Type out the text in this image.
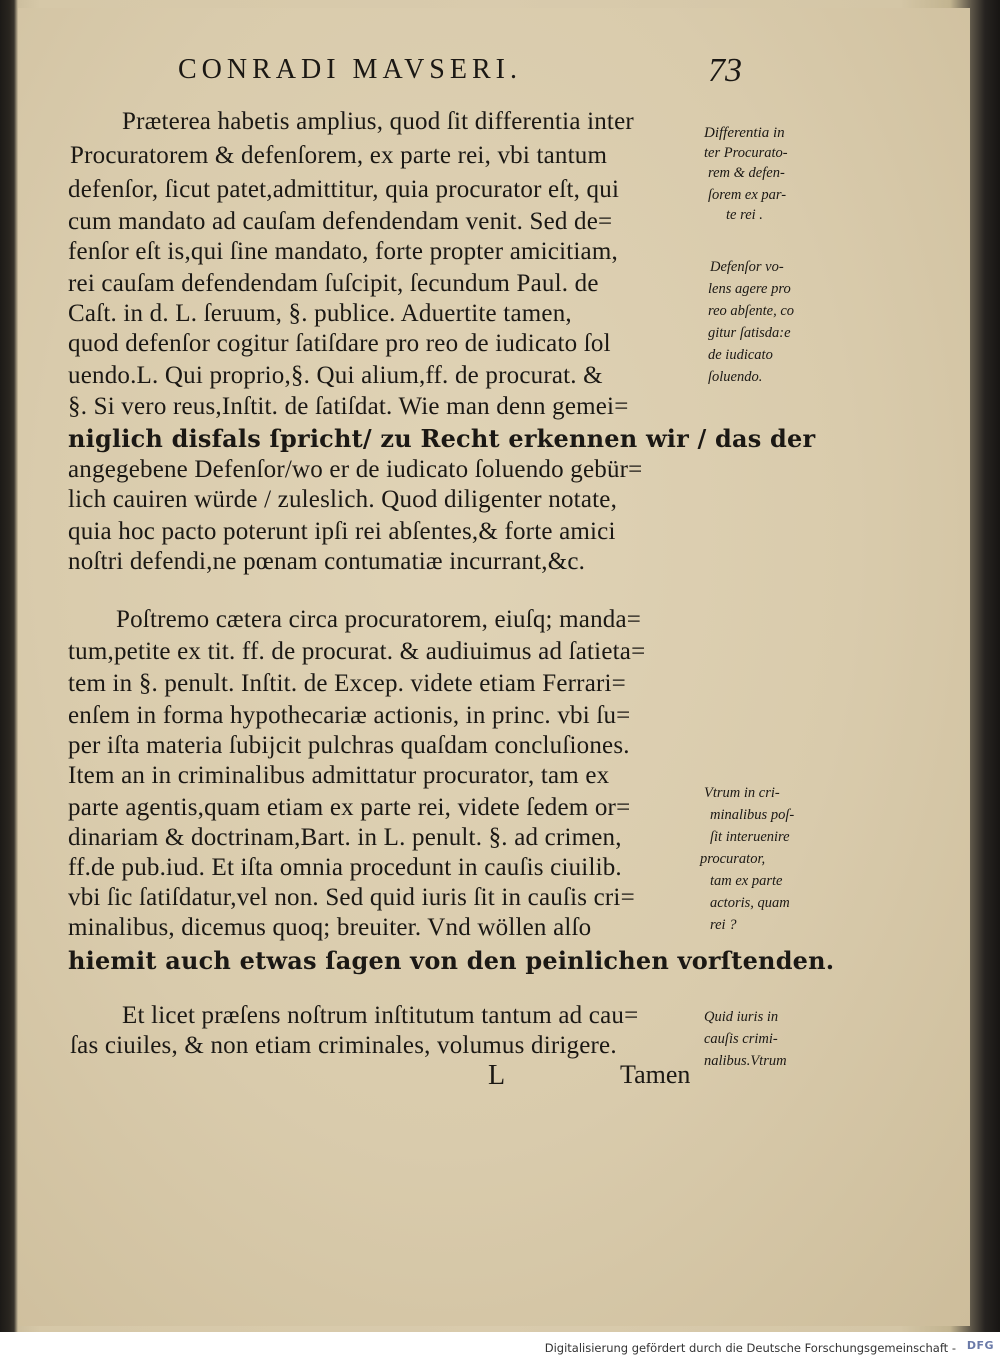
CONRADI MAVSERI.	73
Præterea habetis amplius, quod ſit differentia inter
Procuratorem & defenſorem, ex parte rei, vbi tantum
defenſor, ſicut patet,admittitur, quia procurator eſt, qui
cum mandato ad cauſam defendendam venit. Sed de=
fenſor eſt is,qui ſine mandato, forte propter amicitiam,
rei cauſam defendendam ſuſcipit, ſecundum Paul. de
Caſt. in d. L. ſeruum, §. publice. Aduertite tamen,
quod defenſor cogitur ſatiſdare pro reo de iudicato ſol
uendo.L. Qui proprio,§. Qui alium,ff. de procurat. &
§. Si vero reus,Inſtit. de ſatiſdat. Wie man denn gemei=
niglich disfals ſpricht/ zu Recht erkennen wir / das der
angegebene Defenſor/wo er de iudicato ſoluendo gebür=
lich cauiren würde / zuleslich. Quod diligenter notate,
quia hoc pacto poterunt ipſi rei abſentes,& forte amici
noſtri defendi,ne pœnam contumatiæ incurrant,&c.
Poſtremo cætera circa procuratorem, eiuſq; manda=
tum,petite ex tit. ff. de procurat. & audiuimus ad ſatieta=
tem in §. penult. Inſtit. de Excep. videte etiam Ferrari=
enſem in forma hypothecariæ actionis, in princ. vbi ſu=
per iſta materia ſubijcit pulchras quaſdam concluſiones.
Item an in criminalibus admittatur procurator, tam ex
parte agentis,quam etiam ex parte rei, videte ſedem or=
dinariam & doctrinam,Bart. in L. penult. §. ad crimen,
ff.de pub.iud. Et iſta omnia procedunt in cauſis ciuilib.
vbi ſic ſatiſdatur,vel non. Sed quid iuris ſit in cauſis cri=
minalibus, dicemus quoq; breuiter. Vnd wöllen alſo
hiemit auch etwas ſagen von den peinlichen vorſtenden.
Et licet præſens noſtrum inſtitutum tantum ad cau=
ſas ciuiles, & non etiam criminales, volumus dirigere.
Differentia in
ter Procurato-
rem & defen-
ſorem ex par-
te rei .
Defenſor vo-
lens agere pro
reo abſente, co
gitur ſatisda:e
de iudicato
ſoluendo.
Vtrum in cri-
minalibus poſ-
ſit interuenire
procurator,
tam ex parte
actoris, quam
rei ?
Quid iuris in
cauſis crimi-
nalibus.Vtrum
L	Tamen
Digitalisierung gefördert durch die Deutsche Forschungsgemeinschaft - DFG
